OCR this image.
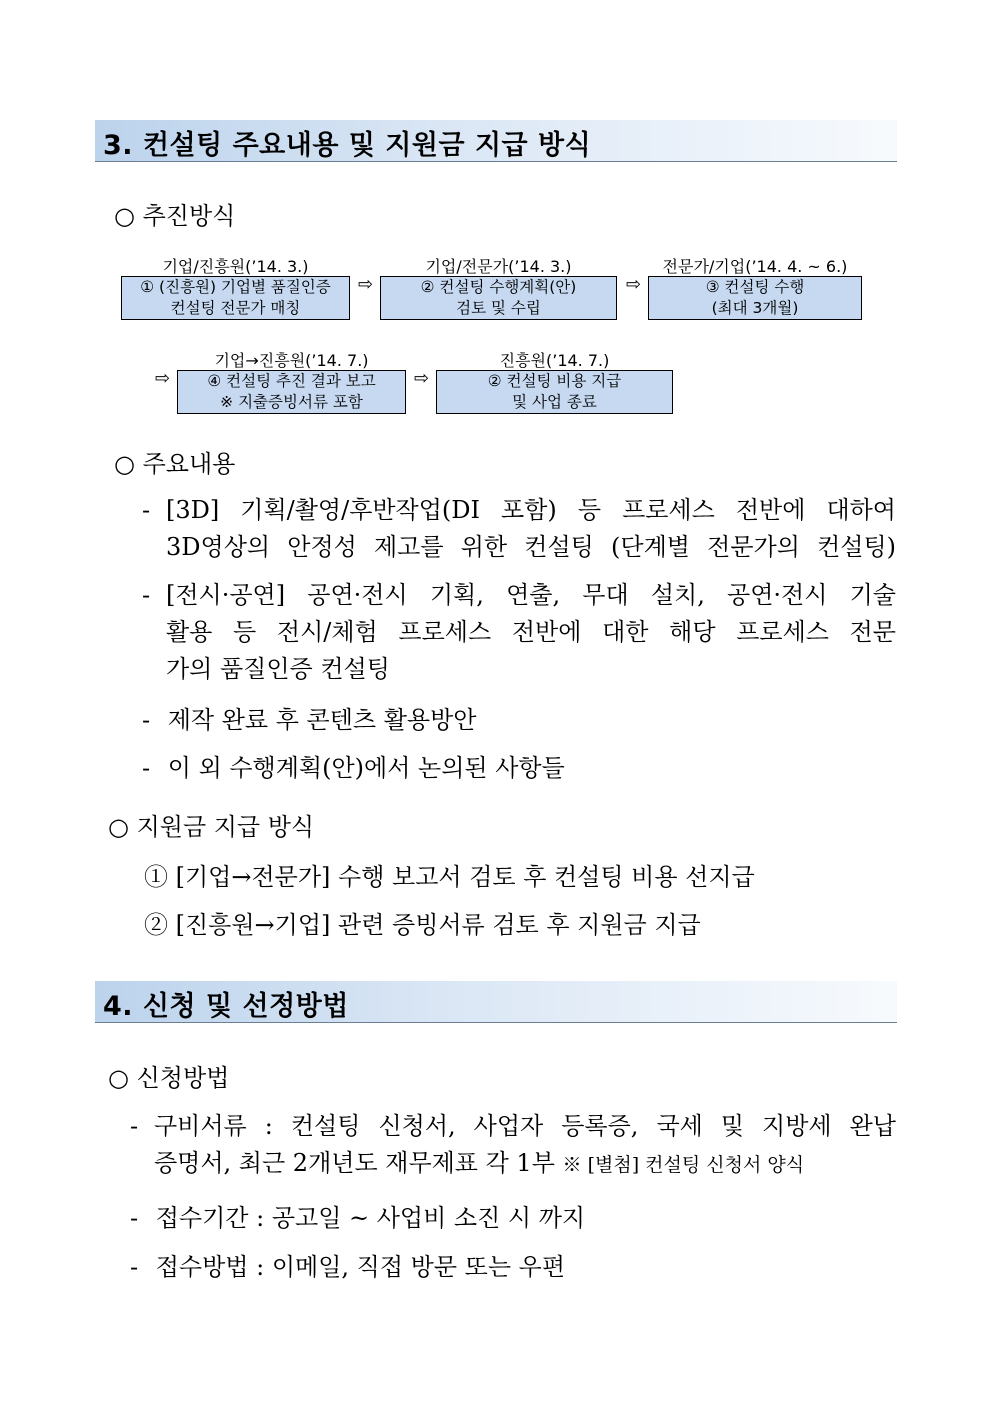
3. 컨설팅 주요내용 및 지원금 지급 방식
○ 추진방식
기업/진흥원(’14. 3.)
① (진흥원) 기업별 품질인증
컨설팅 전문가 매칭
⇨
기업/전문가(’14. 3.)
② 컨설팅 수행계획(안)
검토 및 수립
⇨
전문가/기업(’14. 4. ~ 6.)
③ 컨설팅 수행
(최대 3개월)
⇨
기업→진흥원(’14. 7.)
④ 컨설팅 추진 결과 보고
※ 지출증빙서류 포함
⇨
진흥원(’14. 7.)
② 컨설팅 비용 지급
및 사업 종료
○ 주요내용
- [3D] 기획/촬영/후반작업(DI 포함) 등 프로세스 전반에 대하여
3D영상의 안정성 제고를 위한 컨설팅 (단계별 전문가의 컨설팅)
- [전시·공연] 공연·전시 기획, 연출, 무대 설치, 공연·전시 기술
활용 등 전시/체험 프로세스 전반에 대한 해당 프로세스 전문
가의 품질인증 컨설팅
- 제작 완료 후 콘텐츠 활용방안
- 이 외 수행계획(안)에서 논의된 사항들
○ 지원금 지급 방식
① [기업→전문가] 수행 보고서 검토 후 컨설팅 비용 선지급
② [진흥원→기업] 관련 증빙서류 검토 후 지원금 지급
4. 신청 및 선정방법
○ 신청방법
- 구비서류 : 컨설팅 신청서, 사업자 등록증, 국세 및 지방세 완납
증명서, 최근 2개년도 재무제표 각 1부 ※ [별첨] 컨설팅 신청서 양식
- 접수기간 : 공고일 ~ 사업비 소진 시 까지
- 접수방법 : 이메일, 직접 방문 또는 우편
